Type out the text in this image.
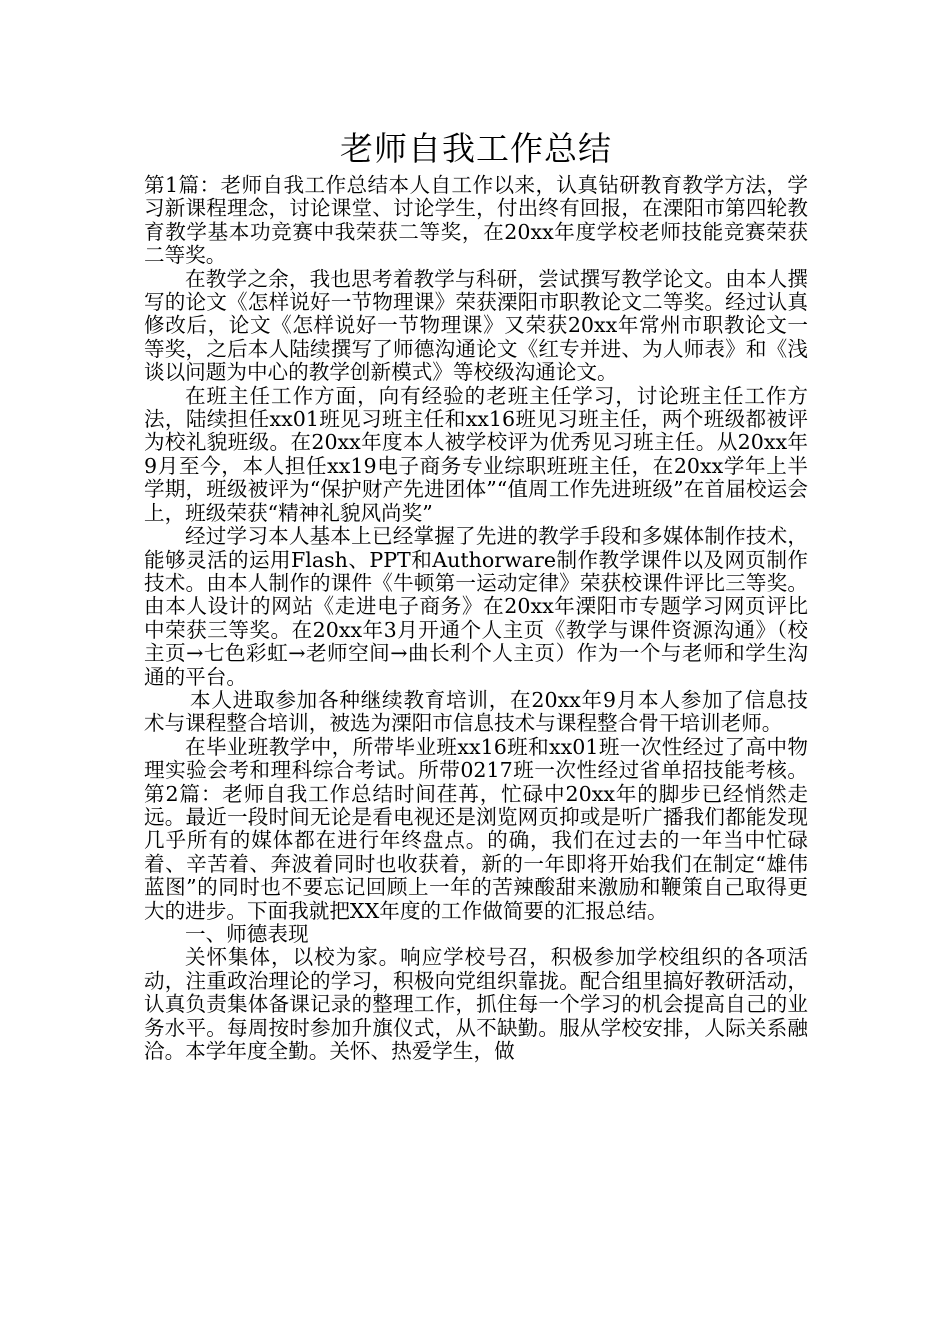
老师自我工作总结

第1篇：老师自我工作总结本人自工作以来，认真钻研教育教学方法，学习新课程理念，讨论课堂、讨论学生，付出终有回报，在溧阳市第四轮教育教学基本功竞赛中我荣获二等奖，在20xx年度学校老师技能竞赛荣获二等奖。

在教学之余，我也思考着教学与科研，尝试撰写教学论文。由本人撰写的论文《怎样说好一节物理课》荣获溧阳市职教论文二等奖。经过认真修改后，论文《怎样说好一节物理课》又荣获20xx年常州市职教论文一等奖，之后本人陆续撰写了师德沟通论文《红专并进、为人师表》和《浅谈以问题为中心的教学创新模式》等校级沟通论文。

在班主任工作方面，向有经验的老班主任学习，讨论班主任工作方法，陆续担任xx01班见习班主任和xx16班见习班主任，两个班级都被评为校礼貌班级。在20xx年度本人被学校评为优秀见习班主任。从20xx年9月至今，本人担任xx19电子商务专业综职班班主任，在20xx学年上半学期，班级被评为“保护财产先进团体”“值周工作先进班级”在首届校运会上，班级荣获“精神礼貌风尚奖”

经过学习本人基本上已经掌握了先进的教学手段和多媒体制作技术，能够灵活的运用Flash、PPT和Authorware制作教学课件以及网页制作技术。由本人制作的课件《牛顿第一运动定律》荣获校课件评比三等奖。由本人设计的网站《走进电子商务》在20xx年溧阳市专题学习网页评比中荣获三等奖。在20xx年3月开通个人主页《教学与课件资源沟通》（校主页→七色彩虹→老师空间→曲长利个人主页）作为一个与老师和学生沟通的平台。

本人进取参加各种继续教育培训，在20xx年9月本人参加了信息技术与课程整合培训，被选为溧阳市信息技术与课程整合骨干培训老师。

在毕业班教学中，所带毕业班xx16班和xx01班一次性经过了高中物理实验会考和理科综合考试。所带0217班一次性经过省单招技能考核。第2篇：老师自我工作总结时间荏苒，忙碌中20xx年的脚步已经悄然走远。最近一段时间无论是看电视还是浏览网页抑或是听广播我们都能发现几乎所有的媒体都在进行年终盘点。的确，我们在过去的一年当中忙碌着、辛苦着、奔波着同时也收获着，新的一年即将开始我们在制定“雄伟蓝图”的同时也不要忘记回顾上一年的苦辣酸甜来激励和鞭策自己取得更大的进步。下面我就把XX年度的工作做简要的汇报总结。

一、师德表现

关怀集体，以校为家。响应学校号召，积极参加学校组织的各项活动，注重政治理论的学习，积极向党组织靠拢。配合组里搞好教研活动，认真负责集体备课记录的整理工作，抓住每一个学习的机会提高自己的业务水平。每周按时参加升旗仪式，从不缺勤。服从学校安排，人际关系融洽。本学年度全勤。关怀、热爱学生，做
